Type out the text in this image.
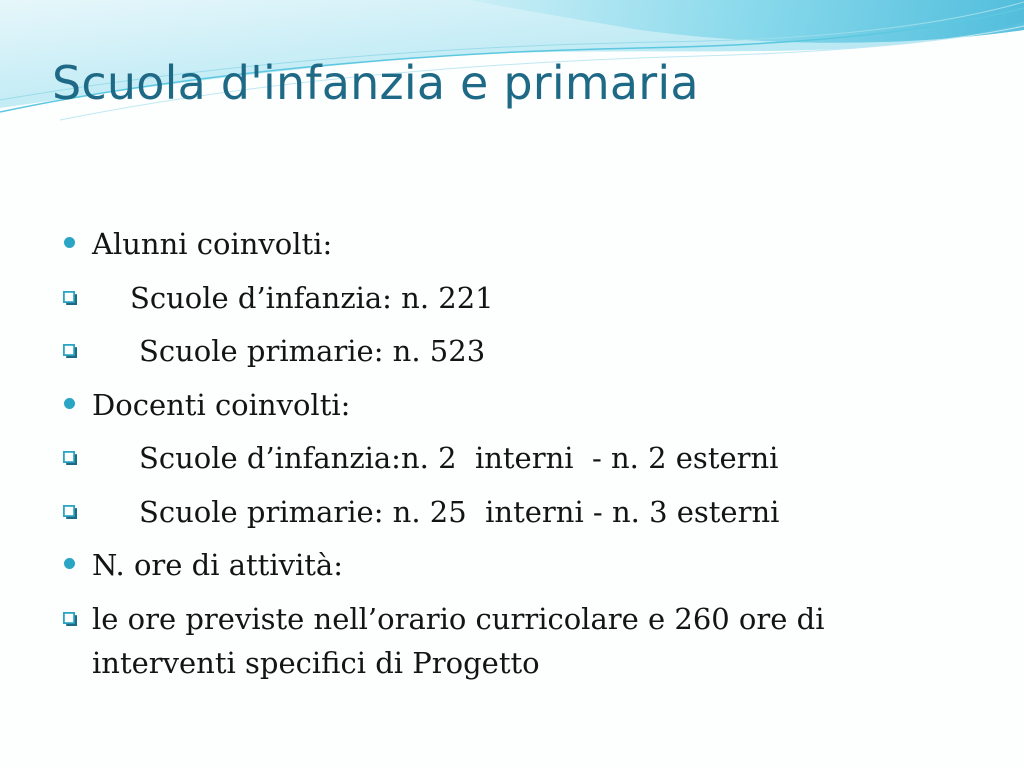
Scuola d'infanzia e primaria
Alunni coinvolti:
Scuole d’infanzia: n. 221
Scuole primarie: n. 523
Docenti coinvolti:
Scuole d’infanzia:n. 2  interni  - n. 2 esterni
Scuole primarie: n. 25  interni - n. 3 esterni
N. ore di attività:
le ore previste nell’orario curricolare e 260 ore di interventi specifici di Progetto
